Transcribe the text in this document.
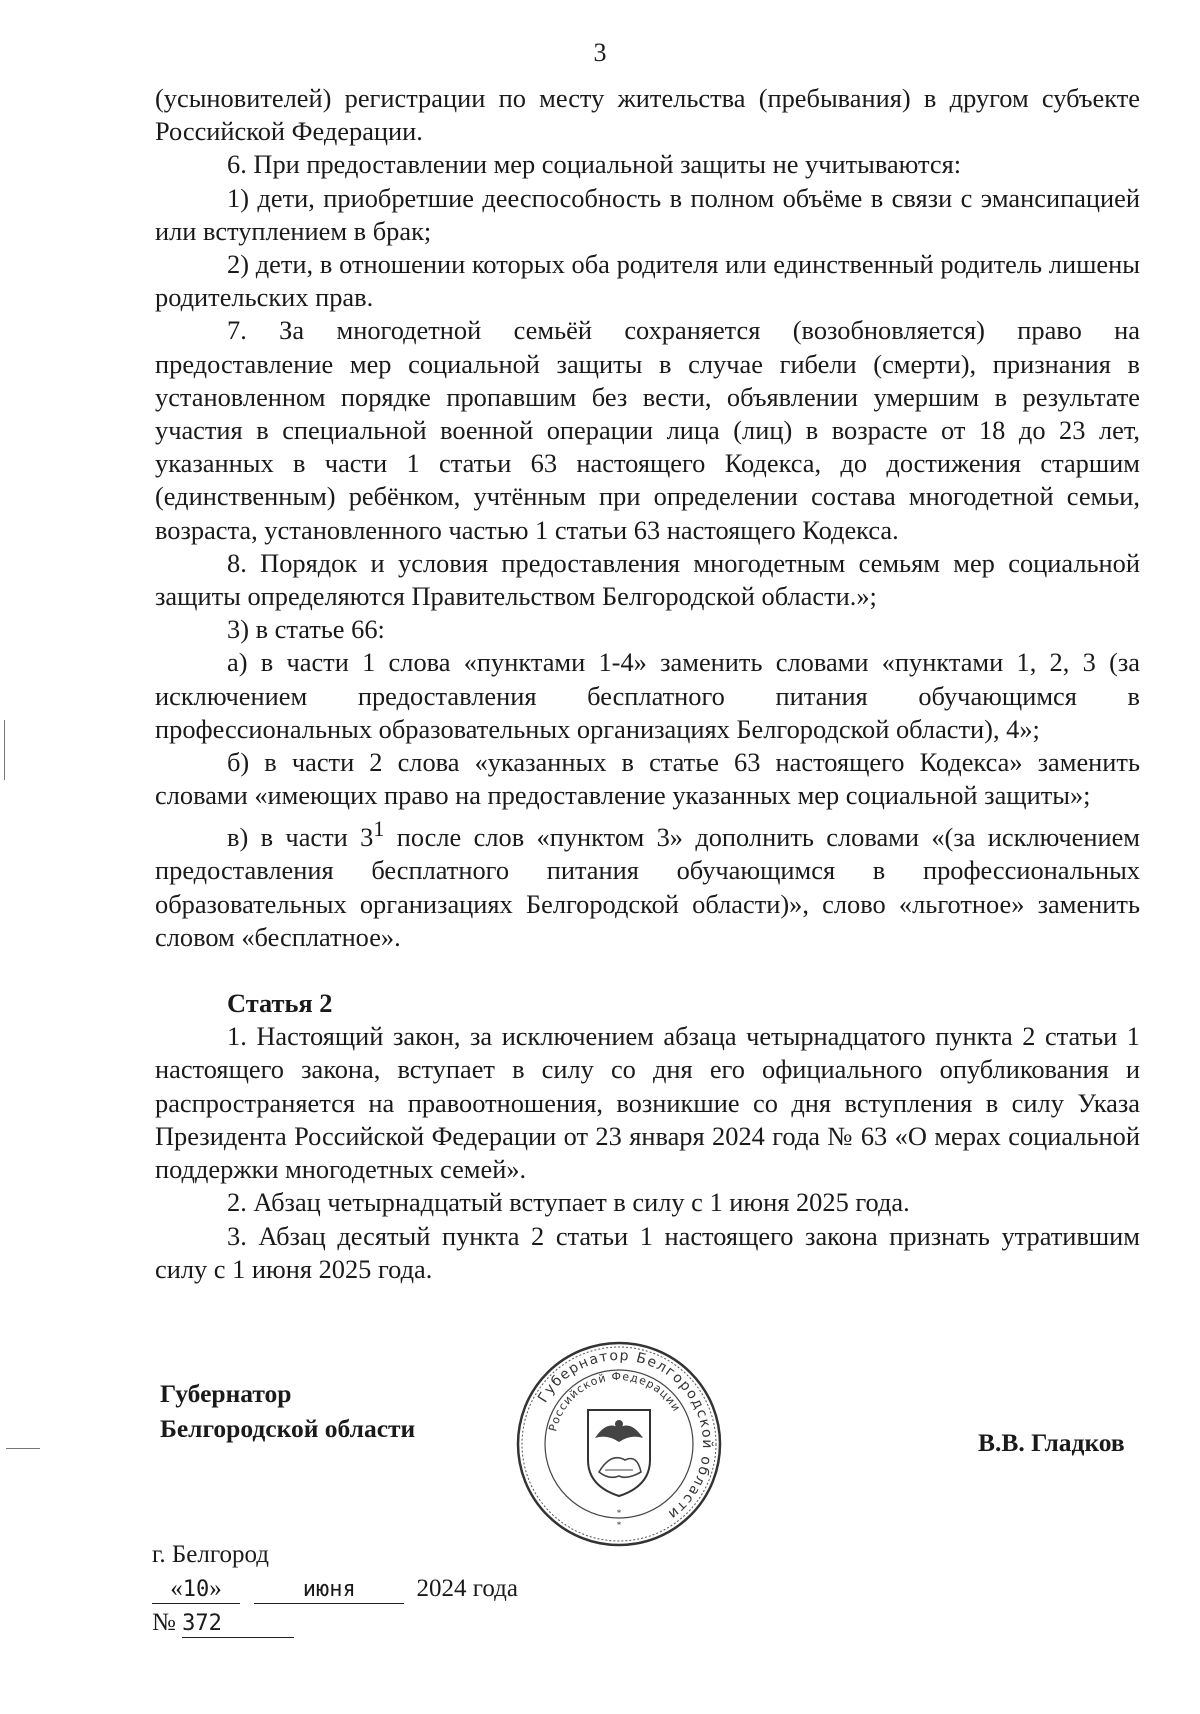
3

(усыновителей) регистрации по месту жительства (пребывания) в другом субъекте Российской Федерации.

6. При предоставлении мер социальной защиты не учитываются:

1) дети, приобретшие дееспособность в полном объёме в связи с эмансипацией или вступлением в брак;

2) дети, в отношении которых оба родителя или единственный родитель лишены родительских прав.

7. За многодетной семьёй сохраняется (возобновляется) право на предоставление мер социальной защиты в случае гибели (смерти), признания в установленном порядке пропавшим без вести, объявлении умершим в результате участия в специальной военной операции лица (лиц) в возрасте от 18 до 23 лет, указанных в части 1 статьи 63 настоящего Кодекса, до достижения старшим (единственным) ребёнком, учтённым при определении состава многодетной семьи, возраста, установленного частью 1 статьи 63 настоящего Кодекса.

8. Порядок и условия предоставления многодетным семьям мер социальной защиты определяются Правительством Белгородской области.»;

3) в статье 66:

а) в части 1 слова «пунктами 1-4» заменить словами «пунктами 1, 2, 3 (за исключением предоставления бесплатного питания обучающимся в профессиональных образовательных организациях Белгородской области), 4»;

б) в части 2 слова «указанных в статье 63 настоящего Кодекса» заменить словами «имеющих право на предоставление указанных мер социальной защиты»;

в) в части $3^1$ после слов «пунктом 3» дополнить словами «(за исключением предоставления бесплатного питания обучающимся в профессиональных образовательных организациях Белгородской области)», слово «льготное» заменить словом «бесплатное».

Статья 2

1. Настоящий закон, за исключением абзаца четырнадцатого пункта 2 статьи 1 настоящего закона, вступает в силу со дня его официального опубликования и распространяется на правоотношения, возникшие со дня вступления в силу Указа Президента Российской Федерации от 23 января 2024 года № 63 «О мерах социальной поддержки многодетных семей».

2. Абзац четырнадцатый вступает в силу с 1 июня 2025 года.

3. Абзац десятый пункта 2 статьи 1 настоящего закона признать утратившим силу с 1 июня 2025 года.

Губернатор
Белгородской области	В.В. Гладков
Губернатор Белгородской области
Российской Федерации
*
*
г. Белгород
«10»	июня 2024 года
№ 372
